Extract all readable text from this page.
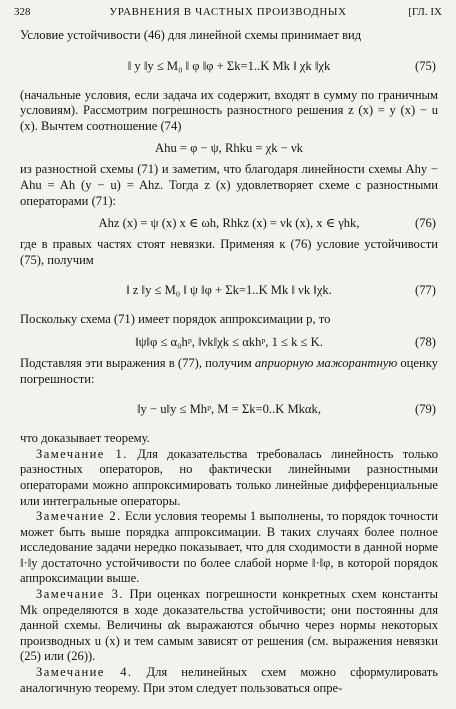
328	УРАВНЕНИЯ В ЧАСТНЫХ ПРОИЗВОДНЫХ	[ГЛ. IX

Условие устойчивости (46) для линейной схемы принимает вид

‖ y ‖y ≤ M₀ ‖ φ ‖φ + Σk=1..K Mk ‖ χk ‖χk	(75)

(начальные условия, если задача их содержит, входят в сумму по граничным условиям). Рассмотрим погрешность разностного решения z (x) = y (x) − u (x). Вычтем соотношение (74)

Ahu = φ − ψ, Rhku = χk − νk

из разностной схемы (71) и заметим, что благодаря линейности схемы Ahy − Ahu = Ah (y − u) = Ahz. Тогда z (x) удовлетворяет схеме с разностными операторами (71):

Ahz (x) = ψ (x) x ∈ ωh, Rhkz (x) = νk (x), x ∈ γhk,	(76)

где в правых частях стоят невязки. Применяя к (76) условие устойчивости (75), получим

‖ z ‖y ≤ M₀ ‖ ψ ‖φ + Σk=1..K Mk ‖ νk ‖χk.	(77)

Поскольку схема (71) имеет порядок аппроксимации p, то

‖ψ‖φ ≤ α₀hᵖ, ‖νk‖χk ≤ αkhᵖ, 1 ≤ k ≤ K.	(78)

Подставляя эти выражения в (77), получим априорную мажорантную оценку погрешности:

‖y − u‖y ≤ Mhᵖ, M = Σk=0..K Mkαk,	(79)

что доказывает теорему.

Замечание 1. Для доказательства требовалась линейность только разностных операторов, но фактически линейными разностными операторами можно аппроксимировать только линейные дифференциальные или интегральные операторы.

Замечание 2. Если условия теоремы 1 выполнены, то порядок точности может быть выше порядка аппроксимации. В таких случаях более полное исследование задачи нередко показывает, что для сходимости в данной норме ‖·‖y достаточно устойчивости по более слабой норме ‖·‖φ, в которой порядок аппроксимации выше.

Замечание 3. При оценках погрешности конкретных схем константы Mk определяются в ходе доказательства устойчивости; они постоянны для данной схемы. Величины αk выражаются обычно через нормы некоторых производных u (x) и тем самым зависят от решения (см. выражения невязки (25) или (26)).

Замечание 4. Для нелинейных схем можно сформулировать аналогичную теорему. При этом следует пользоваться опре-
